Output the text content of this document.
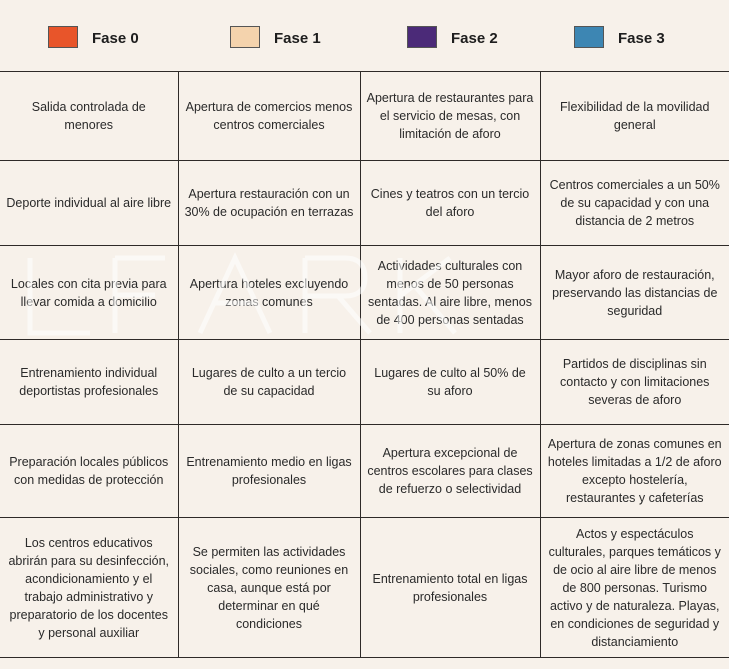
Fase 0	Fase 1	Fase 2	Fase 3
Salida controlada de menores	Apertura de comercios menos centros comerciales	Apertura de restaurantes para el servicio de mesas, con limitación de aforo	Flexibilidad de la movilidad general
Deporte individual al aire libre	Apertura restauración con un 30% de ocupación en terrazas	Cines y teatros con un tercio del aforo	Centros comerciales a un 50% de su capacidad y con una distancia de 2 metros
Locales con cita previa para llevar comida a domicilio	Apertura hoteles excluyendo zonas comunes	Actividades culturales con menos de 50 personas sentadas. Al aire libre, menos de 400 personas sentadas	Mayor aforo de restauración, preservando las distancias de seguridad
Entrenamiento individual deportistas profesionales	Lugares de culto a un tercio de su capacidad	Lugares de culto al 50% de su aforo	Partidos de disciplinas sin contacto y con limitaciones severas de aforo
Preparación locales públicos con medidas de protección	Entrenamiento medio en ligas profesionales	Apertura excepcional de centros escolares para clases de refuerzo o selectividad	Apertura de zonas comunes en hoteles limitadas a 1/2 de aforo excepto hostelería, restaurantes y cafeterías
Los centros educativos abrirán para su desinfección, acondicionamiento y el trabajo administrativo y preparatorio de los docentes y personal auxiliar	Se permiten las actividades sociales, como reuniones en casa, aunque está por determinar en qué condiciones	Entrenamiento total en ligas profesionales	Actos y espectáculos culturales, parques temáticos y de ocio al aire libre de menos de 800 personas. Turismo activo y de naturaleza. Playas, en condiciones de seguridad y distanciamiento
